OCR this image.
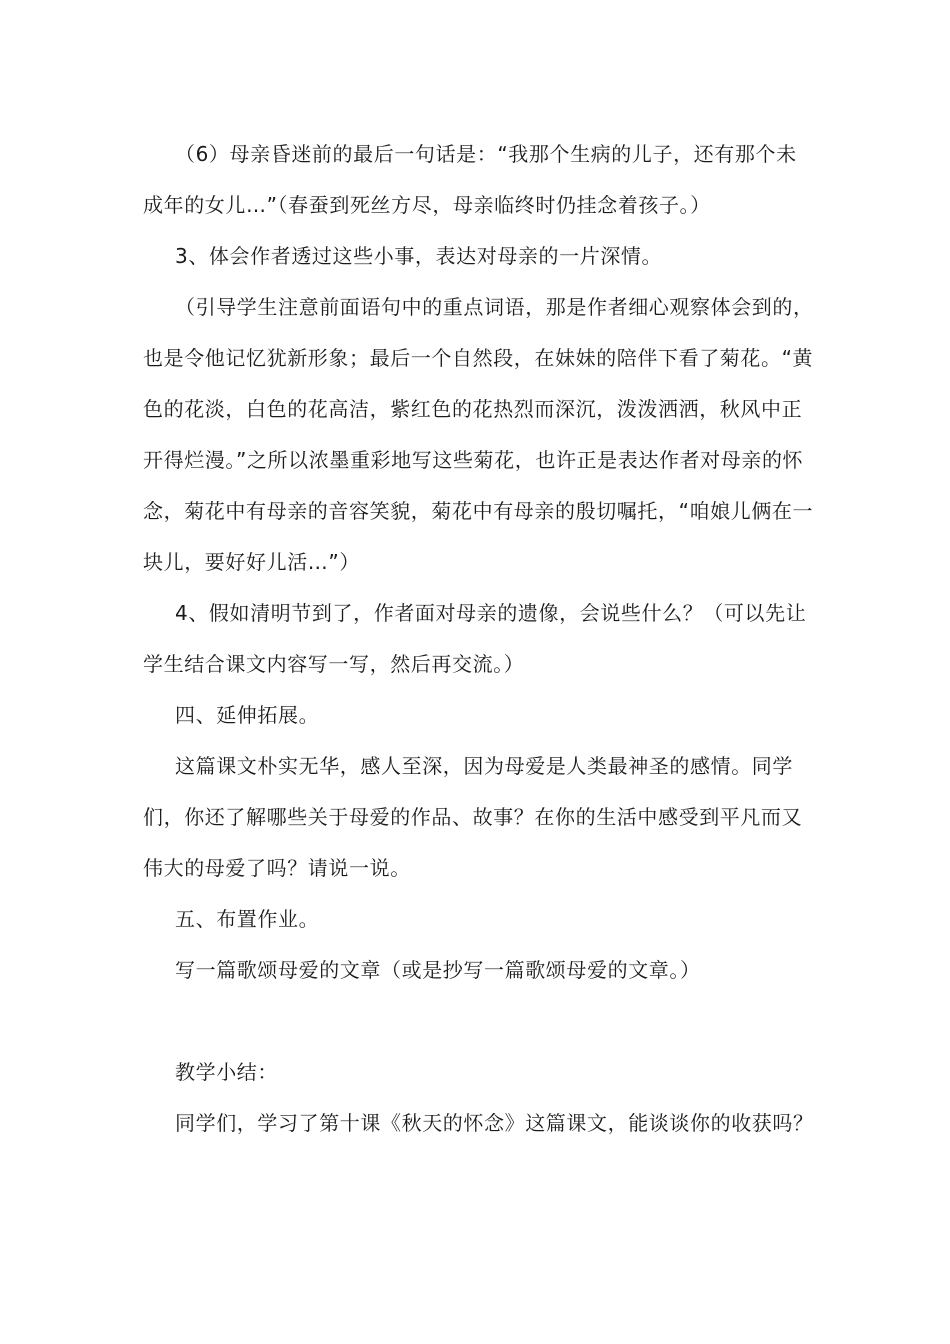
（6）母亲昏迷前的最后一句话是：“我那个生病的儿子，还有那个未成年的女儿…”（春蚕到死丝方尽，母亲临终时仍挂念着孩子。）

3、体会作者透过这些小事，表达对母亲的一片深情。

（引导学生注意前面语句中的重点词语，那是作者细心观察体会到的，也是令他记忆犹新形象；最后一个自然段，在妹妹的陪伴下看了菊花。“黄色的花淡，白色的花高洁，紫红色的花热烈而深沉，泼泼洒洒，秋风中正开得烂漫。”之所以浓墨重彩地写这些菊花，也许正是表达作者对母亲的怀念，菊花中有母亲的音容笑貌，菊花中有母亲的殷切嘱托，“咱娘儿俩在一块儿，要好好儿活…”）

4、假如清明节到了，作者面对母亲的遗像，会说些什么？（可以先让学生结合课文内容写一写，然后再交流。）

四、延伸拓展。

这篇课文朴实无华，感人至深，因为母爱是人类最神圣的感情。同学们，你还了解哪些关于母爱的作品、故事？在你的生活中感受到平凡而又伟大的母爱了吗？请说一说。

五、布置作业。

写一篇歌颂母爱的文章（或是抄写一篇歌颂母爱的文章。）

教学小结：

同学们，学习了第十课《秋天的怀念》这篇课文，能谈谈你的收获吗？
